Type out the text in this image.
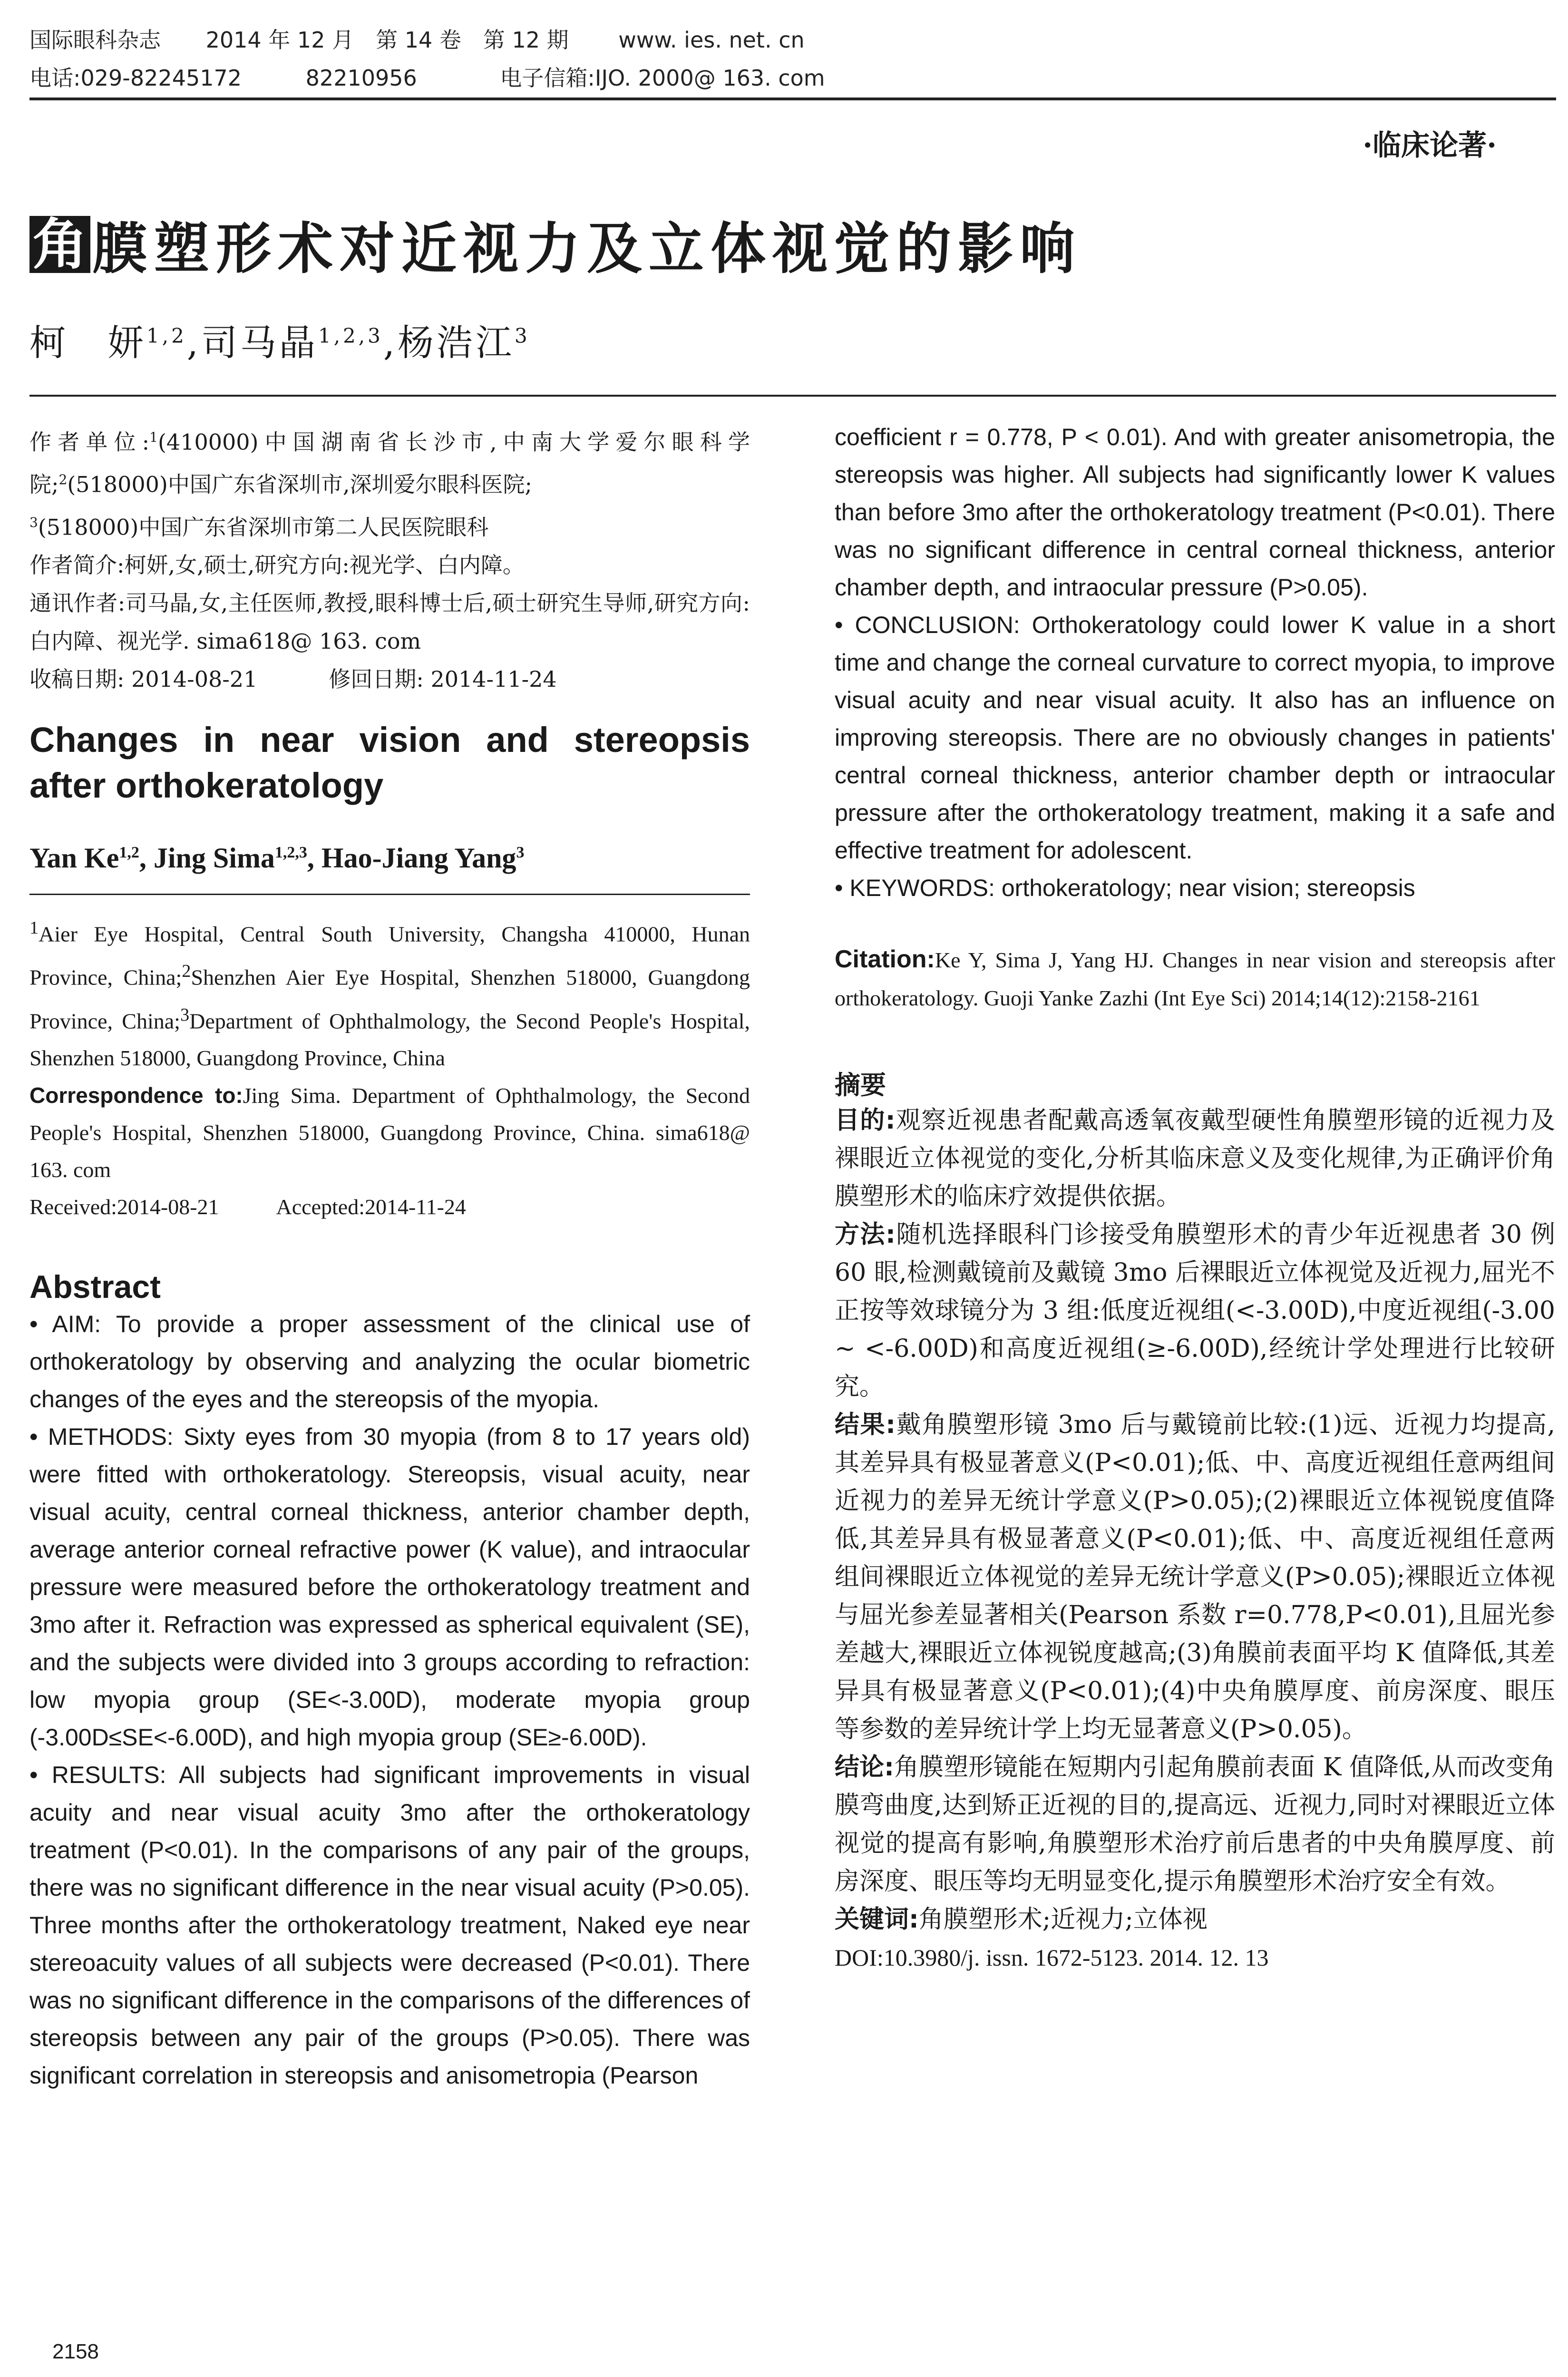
国际眼科杂志 2014 年 12 月　第 14 卷　第 12 期 www. ies. net. cn
电话:029-82245172	82210956	电子信箱:IJO. 2000@ 163. com
·临床论著·
角 膜塑形术对近视力及立体视觉的影响
柯　妍$^{1,2}$,司马晶$^{1,2,3}$,杨浩江$^3$
作者单位:$^1$(410000)中国湖南省长沙市,中南大学爱尔眼科学院;$^2$(518000)中国广东省深圳市,深圳爱尔眼科医院;
$^3$(518000)中国广东省深圳市第二人民医院眼科
作者简介:柯妍,女,硕士,研究方向:视光学、白内障。
通讯作者:司马晶,女,主任医师,教授,眼科博士后,硕士研究生导师,研究方向:白内障、视光学. sima618@ 163. com
收稿日期: 2014-08-21	修回日期: 2014-11-24
Changes in near vision and stereopsis after orthokeratology
Yan Ke$^{1,2}$, Jing Sima$^{1,2,3}$, Hao-Jiang Yang$^3$
$^1$Aier Eye Hospital, Central South University, Changsha 410000, Hunan Province, China;$^2$Shenzhen Aier Eye Hospital, Shenzhen 518000, Guangdong Province, China;$^3$Department of Ophthalmology, the Second People's Hospital, Shenzhen 518000, Guangdong Province, China
Correspondence to:Jing Sima. Department of Ophthalmology, the Second People's Hospital, Shenzhen 518000, Guangdong Province, China. sima618@ 163. com
Received:2014-08-21	Accepted:2014-11-24
Abstract

• AIM: To provide a proper assessment of the clinical use of orthokeratology by observing and analyzing the ocular biometric changes of the eyes and the stereopsis of the myopia.

• METHODS: Sixty eyes from 30 myopia (from 8 to 17 years old) were fitted with orthokeratology. Stereopsis, visual acuity, near visual acuity, central corneal thickness, anterior chamber depth, average anterior corneal refractive power (K value), and intraocular pressure were measured before the orthokeratology treatment and 3mo after it. Refraction was expressed as spherical equivalent (SE), and the subjects were divided into 3 groups according to refraction: low myopia group (SE<-3.00D), moderate myopia group (-3.00D≤SE<-6.00D), and high myopia group (SE≥-6.00D).

• RESULTS: All subjects had significant improvements in visual acuity and near visual acuity 3mo after the orthokeratology treatment (P<0.01). In the comparisons of any pair of the groups, there was no significant difference in the near visual acuity (P>0.05). Three months after the orthokeratology treatment, Naked eye near stereoacuity values of all subjects were decreased (P<0.01). There was no significant difference in the comparisons of the differences of stereopsis between any pair of the groups (P>0.05). There was significant correlation in stereopsis and anisometropia (Pearson

coefficient r = 0.778, P < 0.01). And with greater anisometropia, the stereopsis was higher. All subjects had significantly lower K values than before 3mo after the orthokeratology treatment (P<0.01). There was no significant difference in central corneal thickness, anterior chamber depth, and intraocular pressure (P>0.05).

• CONCLUSION: Orthokeratology could lower K value in a short time and change the corneal curvature to correct myopia, to improve visual acuity and near visual acuity. It also has an influence on improving stereopsis. There are no obviously changes in patients' central corneal thickness, anterior chamber depth or intraocular pressure after the orthokeratology treatment, making it a safe and effective treatment for adolescent.

• KEYWORDS: orthokeratology; near vision; stereopsis

Citation:Ke Y, Sima J, Yang HJ. Changes in near vision and stereopsis after orthokeratology. Guoji Yanke Zazhi (Int Eye Sci) 2014;14(12):2158-2161
摘要

目的:观察近视患者配戴高透氧夜戴型硬性角膜塑形镜的近视力及裸眼近立体视觉的变化,分析其临床意义及变化规律,为正确评价角膜塑形术的临床疗效提供依据。

方法:随机选择眼科门诊接受角膜塑形术的青少年近视患者 30 例 60 眼,检测戴镜前及戴镜 3mo 后裸眼近立体视觉及近视力,屈光不正按等效球镜分为 3 组:低度近视组(<-3.00D),中度近视组(-3.00 ~ <-6.00D)和高度近视组(≥-6.00D),经统计学处理进行比较研究。

结果:戴角膜塑形镜 3mo 后与戴镜前比较:(1)远、近视力均提高,其差异具有极显著意义(P<0.01);低、中、高度近视组任意两组间近视力的差异无统计学意义(P>0.05);(2)裸眼近立体视锐度值降低,其差异具有极显著意义(P<0.01);低、中、高度近视组任意两组间裸眼近立体视觉的差异无统计学意义(P>0.05);裸眼近立体视与屈光参差显著相关(Pearson 系数 r=0.778,P<0.01),且屈光参差越大,裸眼近立体视锐度越高;(3)角膜前表面平均 K 值降低,其差异具有极显著意义(P<0.01);(4)中央角膜厚度、前房深度、眼压等参数的差异统计学上均无显著意义(P>0.05)。

结论:角膜塑形镜能在短期内引起角膜前表面 K 值降低,从而改变角膜弯曲度,达到矫正近视的目的,提高远、近视力,同时对裸眼近立体视觉的提高有影响,角膜塑形术治疗前后患者的中央角膜厚度、前房深度、眼压等均无明显变化,提示角膜塑形术治疗安全有效。

关键词:角膜塑形术;近视力;立体视

DOI:10.3980/j. issn. 1672-5123. 2014. 12. 13
2158
